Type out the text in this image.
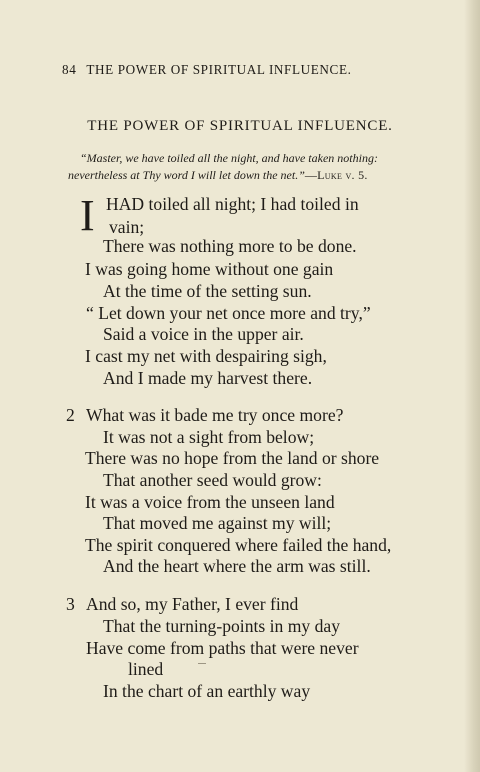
84 THE POWER OF SPIRITUAL INFLUENCE.
THE POWER OF SPIRITUAL INFLUENCE.
“Master, we have toiled all the night, and have taken nothing:
nevertheless at Thy word I will let down the net.”—Luke v. 5.
I HAD toiled all night; I had toiled in
vain;
There was nothing more to be done.
I was going home without one gain
At the time of the setting sun.
“ Let down your net once more and try,”
Said a voice in the upper air.
I cast my net with despairing sigh,
And I made my harvest there.
2 What was it bade me try once more?
It was not a sight from below;
There was no hope from the land or shore
That another seed would grow:
It was a voice from the unseen land
That moved me against my will;
The spirit conquered where failed the hand,
And the heart where the arm was still.
3 And so, my Father, I ever find
That the turning-points in my day
Have come from paths that were never
lined
In the chart of an earthly way
